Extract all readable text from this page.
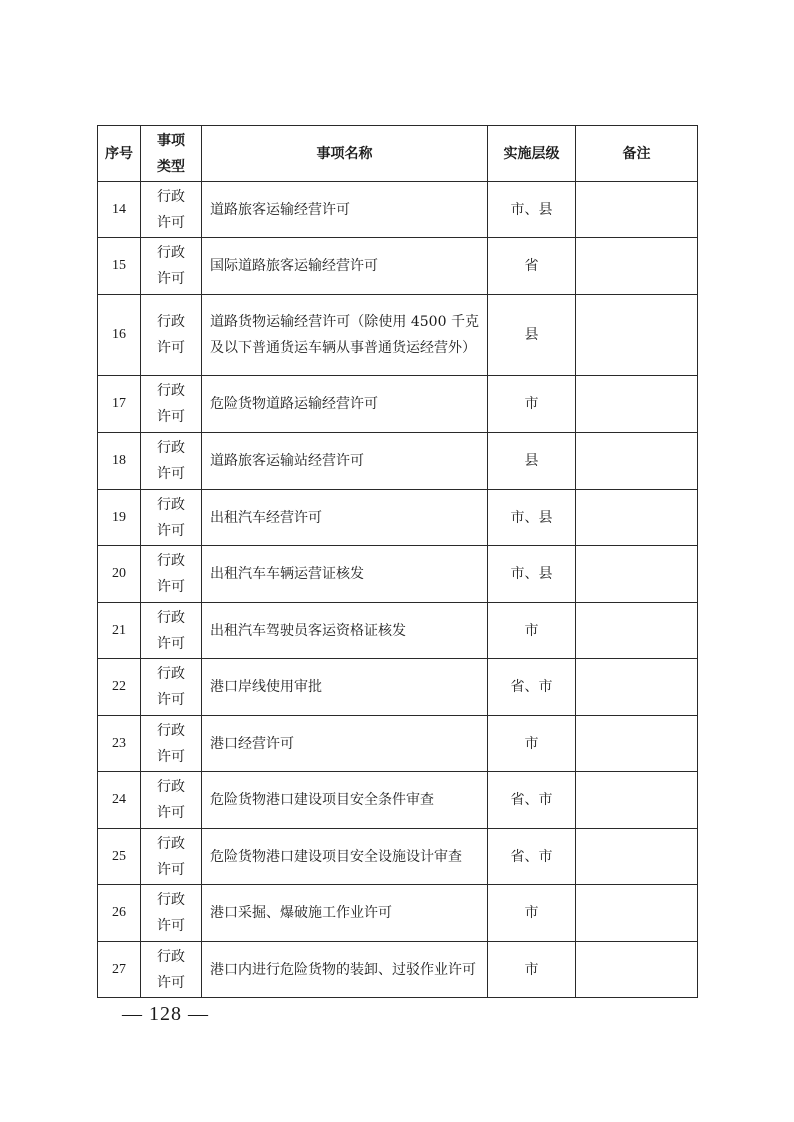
序号	事项类型	事项名称	实施层级	备注
14	行政许可	道路旅客运输经营许可	市、县	
15	行政许可	国际道路旅客运输经营许可	省	
16	行政许可	道路货物运输经营许可（除使用 4500 千克及以下普通货运车辆从事普通货运经营外）	县	
17	行政许可	危险货物道路运输经营许可	市	
18	行政许可	道路旅客运输站经营许可	县	
19	行政许可	出租汽车经营许可	市、县	
20	行政许可	出租汽车车辆运营证核发	市、县	
21	行政许可	出租汽车驾驶员客运资格证核发	市	
22	行政许可	港口岸线使用审批	省、市	
23	行政许可	港口经营许可	市	
24	行政许可	危险货物港口建设项目安全条件审查	省、市	
25	行政许可	危险货物港口建设项目安全设施设计审查	省、市	
26	行政许可	港口采掘、爆破施工作业许可	市	
27	行政许可	港口内进行危险货物的装卸、过驳作业许可	市	
— 128 —
